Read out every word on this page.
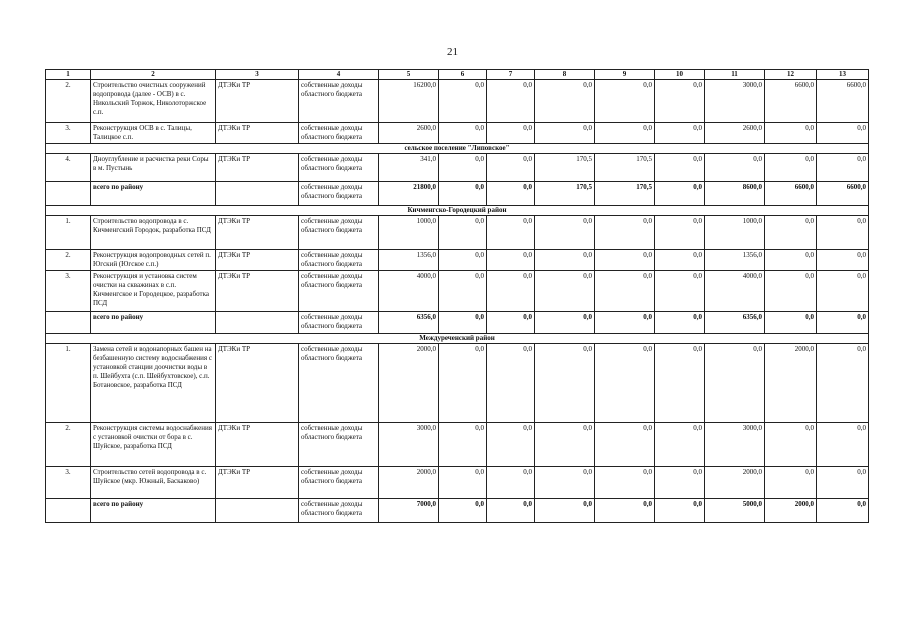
21
1	2	3	4	5	6	7	8	9	10	11	12	13
2.	Строительство очистных сооружений водопровода (далее - ОСВ) в с. Никольский Торжок, Николоторжское с.п.	ДТЭКи ТР	собственные доходы областного бюджета	16200,0	0,0	0,0	0,0	0,0	0,0	3000,0	6600,0	6600,0
3.	Реконструкция ОСВ в с. Талицы, Талицкое с.п.	ДТЭКи ТР	собственные доходы областного бюджета	2600,0	0,0	0,0	0,0	0,0	0,0	2600,0	0,0	0,0
сельское поселение "Липовское"												
4.	Дноуглубление и расчистка реки Соры в м. Пустынь	ДТЭКи ТР	собственные доходы областного бюджета	341,0	0,0	0,0	170,5	170,5	0,0	0,0	0,0	0,0
	всего по району		собственные доходы областного бюджета	21800,0	0,0	0,0	170,5	170,5	0,0	8600,0	6600,0	6600,0
Кичменгско-Городецкий район												
1.	Строительство водопровода в с. Кичменгский Городок, разработка ПСД	ДТЭКи ТР	собственные доходы областного бюджета	1000,0	0,0	0,0	0,0	0,0	0,0	1000,0	0,0	0,0
2.	Реконструкция водопроводных сетей п. Югский (Югское с.п.)	ДТЭКи ТР	собственные доходы областного бюджета	1356,0	0,0	0,0	0,0	0,0	0,0	1356,0	0,0	0,0
3.	Реконструкция и установка систем очистки на скважинах в с.п. Кичменгское и Городецкое, разработка ПСД	ДТЭКи ТР	собственные доходы областного бюджета	4000,0	0,0	0,0	0,0	0,0	0,0	4000,0	0,0	0,0
	всего по району		собственные доходы областного бюджета	6356,0	0,0	0,0	0,0	0,0	0,0	6356,0	0,0	0,0
Междуреченский район												
1.	Замена сетей и водонапорных башен на безбашенную систему водоснабжения с установкой станции доочистки воды в п. Шейбухта (с.п. Шейбухтовское), с.п. Ботановское, разработка ПСД	ДТЭКи ТР	собственные доходы областного бюджета	2000,0	0,0	0,0	0,0	0,0	0,0	0,0	2000,0	0,0
2.	Реконструкция системы водоснабжения с установкой очистки от бора в с. Шуйское, разработка ПСД	ДТЭКи ТР	собственные доходы областного бюджета	3000,0	0,0	0,0	0,0	0,0	0,0	3000,0	0,0	0,0
3.	Строительство сетей водопровода в с. Шуйское (мкр. Южный, Баскаково)	ДТЭКи ТР	собственные доходы областного бюджета	2000,0	0,0	0,0	0,0	0,0	0,0	2000,0	0,0	0,0
	всего по району		собственные доходы областного бюджета	7000,0	0,0	0,0	0,0	0,0	0,0	5000,0	2000,0	0,0
